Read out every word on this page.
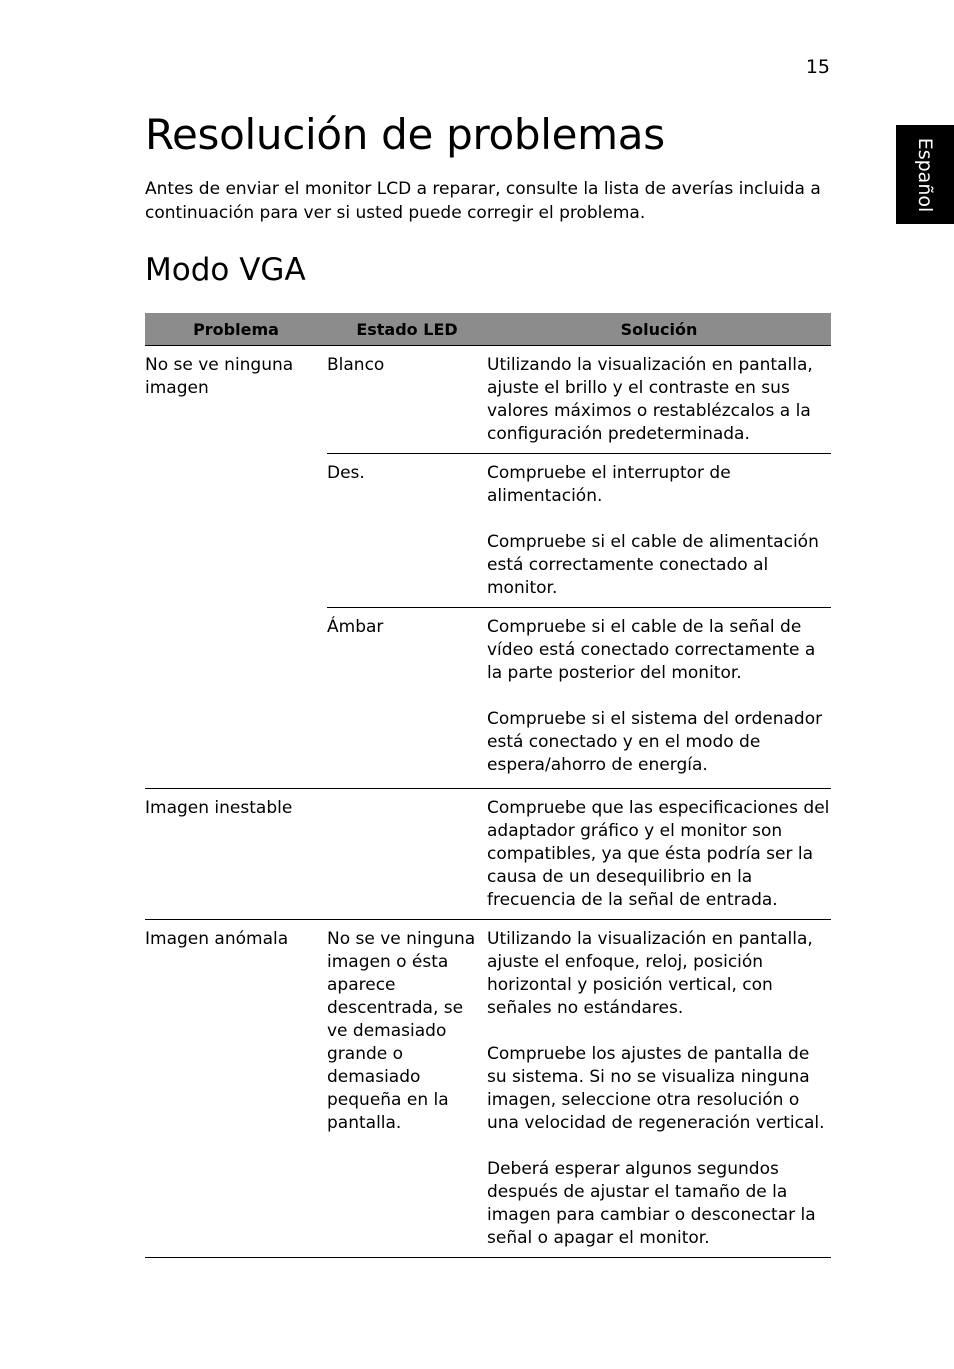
15
Español
Resolución de problemas

Antes de enviar el monitor LCD a reparar, consulte la lista de averías incluida a continuación para ver si usted puede corregir el problema.

Modo VGA
Problema	Estado LED	Solución

No se ve ninguna imagen	Blanco	Utilizando la visualización en pantalla, ajuste el brillo y el contraste en sus valores máximos o restablézcalos a la configuración predeterminada.

	Des.	Compruebe el interruptor de alimentación.

Compruebe si el cable de alimentación está correctamente conectado al monitor.

	Ámbar	Compruebe si el cable de la señal de vídeo está conectado correctamente a la parte posterior del monitor.

Compruebe si el sistema del ordenador está conectado y en el modo de espera/ahorro de energía.

Imagen inestable		Compruebe que las especificaciones del adaptador gráfico y el monitor son compatibles, ya que ésta podría ser la causa de un desequilibrio en la frecuencia de la señal de entrada.

Imagen anómala	No se ve ninguna imagen o ésta aparece descentrada, se ve demasiado grande o demasiado pequeña en la pantalla.	Utilizando la visualización en pantalla, ajuste el enfoque, reloj, posición horizontal y posición vertical, con señales no estándares.

Compruebe los ajustes de pantalla de su sistema. Si no se visualiza ninguna imagen, seleccione otra resolución o una velocidad de regeneración vertical.

Deberá esperar algunos segundos después de ajustar el tamaño de la imagen para cambiar o desconectar la señal o apagar el monitor.
